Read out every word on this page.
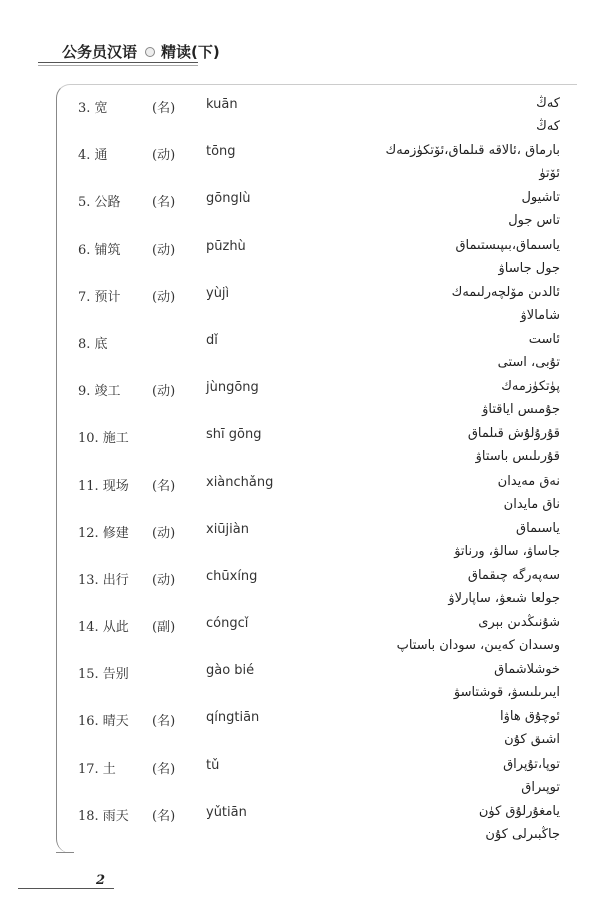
公务员汉语 精读(下)
3. 宽	(名) kuān	كەڭ
كەڭ
4. 通	(动) tōng	بارماق ،ئالاقە قىلماق،ئۆتكۈزمەك
ئۆتۈ
5. 公路 (名) gōnglù	تاشيول
تاس جول
6. 铺筑 (动) pūzhù	ياسىماق،بىپىستىماق
جول جاساۋ
7. 预计 (动) yùjì	ئالدىن مۆلچەرلىمەك
شامالاۋ
8. 底	dǐ	ئاست
تۇبى، استى
9. 竣工 (动) jùngōng	پۈتكۈزمەك
جۇمىس اياقتاۋ
10. 施工	shī gōng	قۇرۇلۇش قىلماق
قۇرىلىس باستاۋ
11. 现场 (名) xiànchǎng	نەق مەيدان
ناق مايدان
12. 修建 (动) xiūjiàn	ياسىماق
جاساۋ، سالۋ، ورناتۋ
13. 出行 (动) chūxíng	سەپەرگە چىقماق
جولعا شىعۋ، ساپارلاۋ
14. 从此 (副) cóngcǐ	شۇنىڭدىن بېرى
وسىدان كەيىن، سودان باستاپ
15. 告别	gào bié	خوشلاشماق
ايىرىلىسۋ، قوشتاسۋ
16. 晴天 (名) qíngtiān	ئوچۇق ھاۋا
اشىق كۇن
17. 土	(名) tǔ	توپا،تۇپراق
توپىراق
18. 雨天 (名) yǔtiān	يامغۇرلۇق كۈن
جاڭبىرلى كۇن
2
